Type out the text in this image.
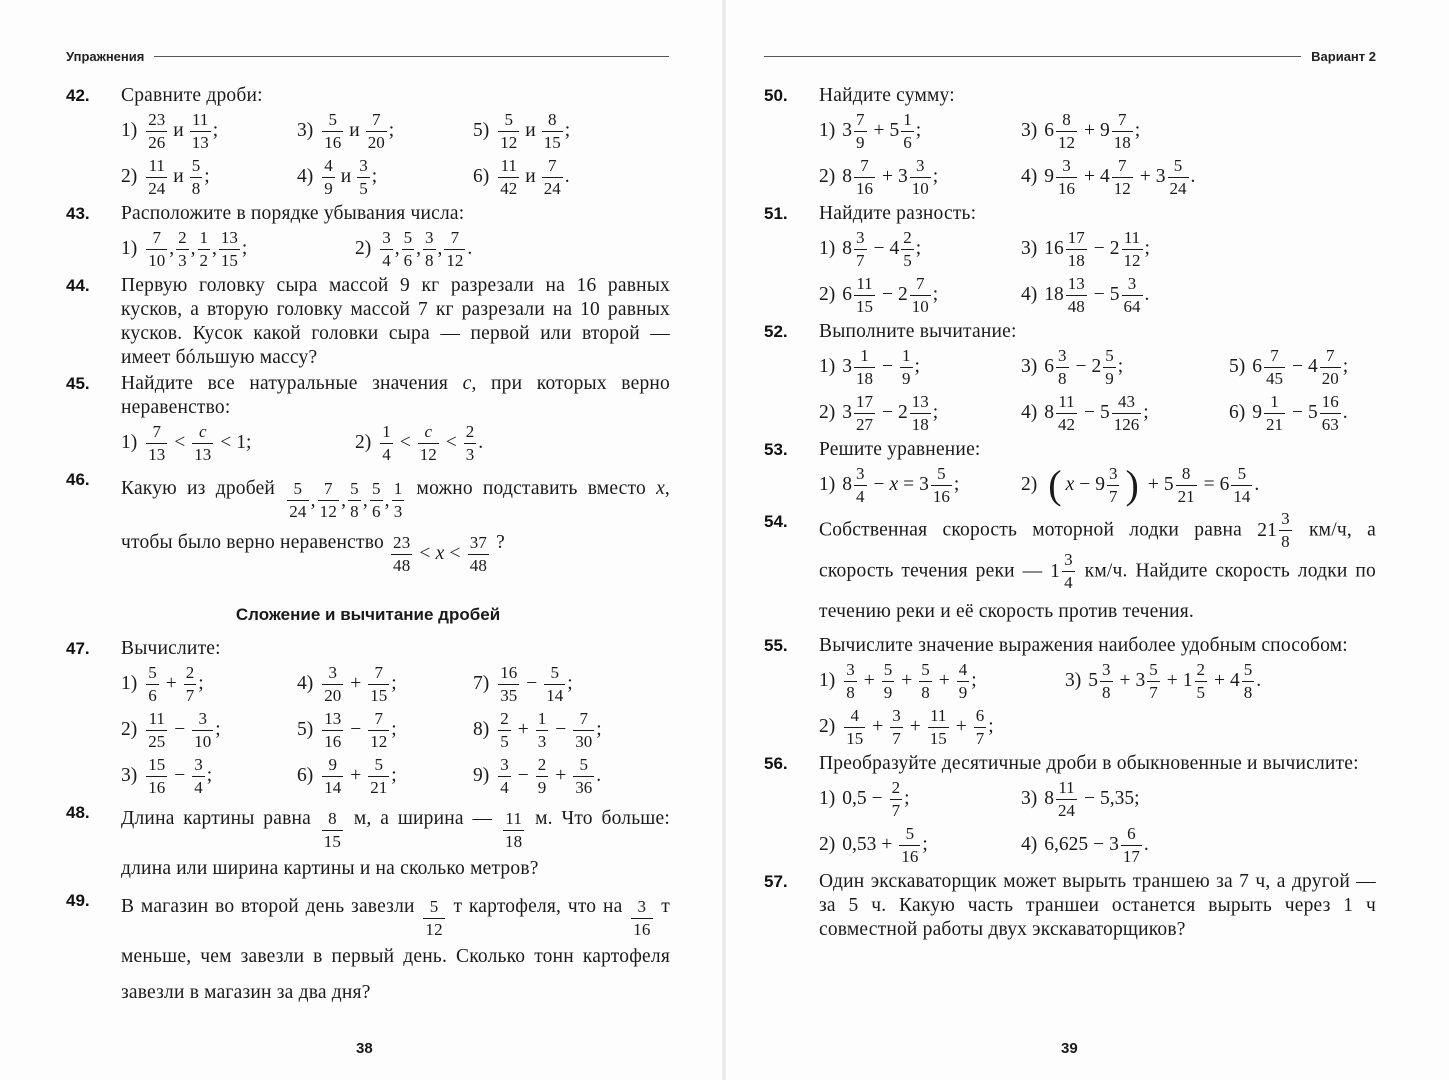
Упражнения
42. Сравните дроби:
$1) \frac{23}{26}$ и $\frac{11}{13}$ ;	$3) \frac{5}{16}$ и $\frac{7}{20}$ ;	$5) \frac{5}{12}$ и $\frac{8}{15}$ ;
$2) \frac{11}{24}$ и $\frac{5}{8}$ ;	$4) \frac{4}{9}$ и $\frac{3}{5}$ ;	$6) \frac{11}{42}$ и $\frac{7}{24}$ .
43. Расположите в порядке убывания числа:
$1) \frac{7}{10}$ , $\frac{2}{3}$ , $\frac{1}{2}$ , $\frac{13}{15}$ ;	$2) \frac{3}{4}$ , $\frac{5}{6}$ , $\frac{3}{8}$ , $\frac{7}{12}$ .
44. Первую головку сыра массой 9 кг разрезали на 16 равных кусков, а вторую головку массой 7 кг разрезали на 10 равных кусков. Кусок какой головки сыра — первой или второй — имеет бóльшую массу?
45. Найдите все натуральные значения c, при которых верно неравенство:
$1) \frac{7}{13} < \frac{c}{13} < 1$ ;	$2) \frac{1}{4} < \frac{c}{12} < \frac{2}{3}$ .
46. Какую из дробей $\frac{5}{24}$ , $\frac{7}{12}$ , $\frac{5}{8}$ , $\frac{5}{6}$ , $\frac{1}{3}$ можно подставить вместо x, чтобы было верно неравенство $\frac{23}{48} < x < \frac{37}{48}$ ?
Сложение и вычитание дробей
47. Вычислите:
$1) \frac{5}{6} + \frac{2}{7}$ ;	$4) \frac{3}{20} + \frac{7}{15}$ ;	$7) \frac{16}{35} - \frac{5}{14}$ ;
$2) \frac{11}{25} - \frac{3}{10}$ ;	$5) \frac{13}{16} - \frac{7}{12}$ ;	$8) \frac{2}{5} + \frac{1}{3} - \frac{7}{30}$ ;
$3) \frac{15}{16} - \frac{3}{4}$ ;	$6) \frac{9}{14} + \frac{5}{21}$ ;	$9) \frac{3}{4} - \frac{2}{9} + \frac{5}{36}$ .
48. Длина картины равна $\frac{8}{15} м$, а ширина — $\frac{11}{18} м$. Что больше: длина или ширина картины и на сколько метров?
49. В магазин во второй день завезли $\frac{5}{12}$ т картофеля, что на $\frac{3}{16}$ т меньше, чем завезли в первый день. Сколько тонн картофеля завезли в магазин за два дня?
38
Вариант 2
50. Найдите сумму:
1) $3 \frac{7}{9} + 5 \frac{1}{6}$ ;	3) $6 \frac{8}{12} + 9 \frac{7}{18}$ ;
2) $8 \frac{7}{16} + 3 \frac{3}{10}$ ;	4) $9 \frac{3}{16} + 4 \frac{7}{12} + 3 \frac{5}{24}$ .
51. Найдите разность:
1) $8 \frac{3}{7} - 4 \frac{2}{5}$ ;	3) $16 \frac{17}{18} - 2 \frac{11}{12}$ ;
2) $6 \frac{11}{15} - 2 \frac{7}{10}$ ;	4) $18 \frac{13}{48} - 5 \frac{3}{64}$ .
52. Выполните вычитание:
1) $3 \frac{1}{18} - \frac{1}{9}$ ;	3) $6 \frac{3}{8} - 2 \frac{5}{9}$ ;	5) $6 \frac{7}{45} - 4 \frac{7}{20}$ ;
2) $3 \frac{17}{27} - 2 \frac{13}{18}$ ;	4) $8 \frac{11}{42} - 5 \frac{43}{126}$ ;	6) $9 \frac{1}{21} - 5 \frac{16}{63}$ .
53. Решите уравнение:
1) $8 \frac{3}{4} - x = 3 \frac{5}{16}$ ;	2) ( $x - 9 \frac{3}{7}$ ) + $5 \frac{8}{21} = 6 \frac{5}{14}$ .
54. Собственная скорость моторной лодки равна $21 \frac{3}{8} км/ч$, а скорость течения реки — $1 \frac{3}{4} км/ч$. Найдите скорость лодки по течению реки и её скорость против течения.
55. Вычислите значение выражения наиболее удобным способом:
$1) \frac{3}{8} + \frac{5}{9} + \frac{5}{8} + \frac{4}{9}$ ;	3) $5 \frac{3}{8} + 3 \frac{5}{7} + 1 \frac{2}{5} + 4 \frac{5}{8}$ .
$2) \frac{4}{15} + \frac{3}{7} + \frac{11}{15} + \frac{6}{7}$ ;
56. Преобразуйте десятичные дроби в обыкновенные и вычислите:
1) $0,5 - \frac{2}{7}$ ;	3) $8 \frac{11}{24} - 5,35$ ;
2) $0,53 + \frac{5}{16}$ ;	4) $6,625 - 3 \frac{6}{17}$ .
57. Один экскаваторщик может вырыть траншею за 7 ч, а другой — за 5 ч. Какую часть траншеи останется вырыть через 1 ч совместной работы двух экскаваторщиков?
39
